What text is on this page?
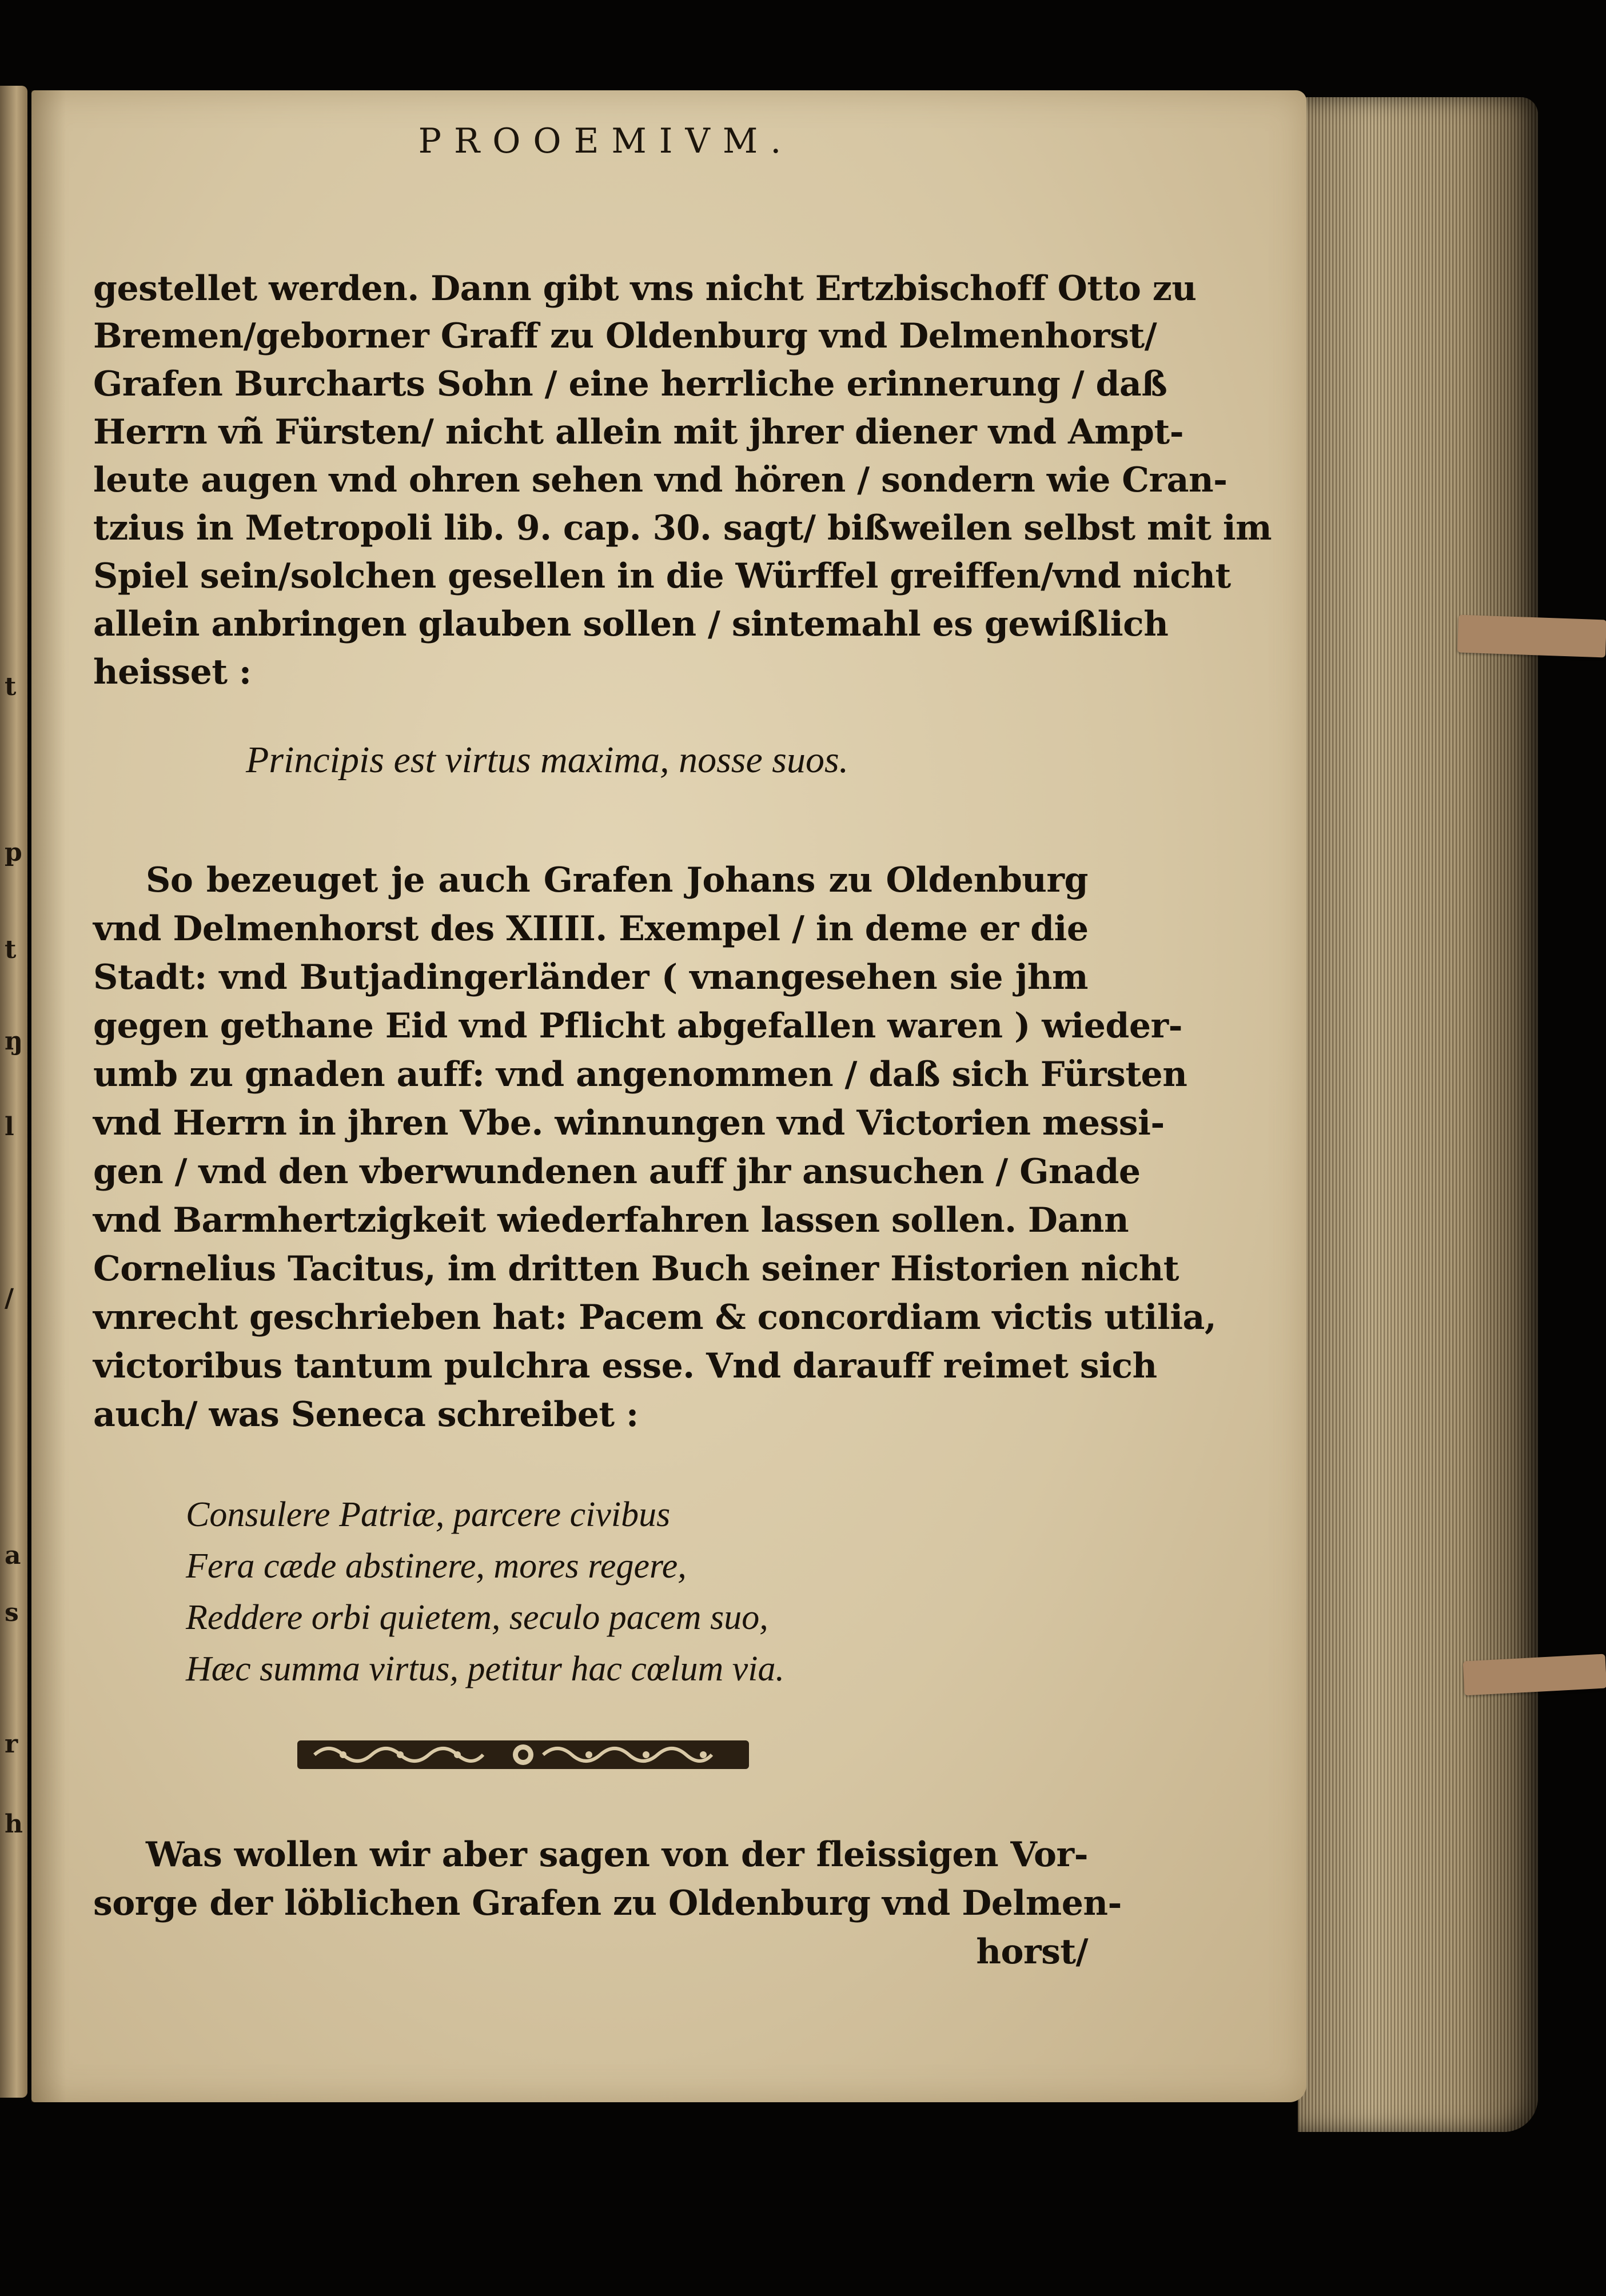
t
p
t
ŋ
l
/
a
s
r
h
PROOEMIVM.
gestellet werden. Dann gibt vns nicht Ertzbischoff Otto zu
Bremen/geborner Graff zu Oldenburg vnd Delmenhorst/
Grafen Burcharts Sohn / eine herrliche erinnerung / daß
Herrn vñ Fürsten/ nicht allein mit jhrer diener vnd Ampt-
leute augen vnd ohren sehen vnd hören / sondern wie Cran-
tzius in Metropoli lib. 9. cap. 30. sagt/ bißweilen selbst mit im
Spiel sein/solchen gesellen in die Würffel greiffen/vnd nicht
allein anbringen glauben sollen / sintemahl es gewißlich
heisset :
Principis est virtus maxima, nosse suos.
So bezeuget je auch Grafen Johans zu Oldenburg
vnd Delmenhorst des XIIII. Exempel / in deme er die
Stadt: vnd Butjadingerländer ( vnangesehen sie jhm
gegen gethane Eid vnd Pflicht abgefallen waren ) wieder-
umb zu gnaden auff: vnd angenommen / daß sich Fürsten
vnd Herrn in jhren Vbe. winnungen vnd Victorien messi-
gen / vnd den vberwundenen auff jhr ansuchen / Gnade
vnd Barmhertzigkeit wiederfahren lassen sollen. Dann
Cornelius Tacitus, im dritten Buch seiner Historien nicht
vnrecht geschrieben hat: Pacem & concordiam victis utilia,
victoribus tantum pulchra esse. Vnd darauff reimet sich
auch/ was Seneca schreibet :
Consulere Patriæ, parcere civibus
Fera cæde abstinere, mores regere,
Reddere orbi quietem, seculo pacem suo,
Hæc summa virtus, petitur hac cœlum via.
Was wollen wir aber sagen von der fleissigen Vor-
sorge der löblichen Grafen zu Oldenburg vnd Delmen-
horst/
